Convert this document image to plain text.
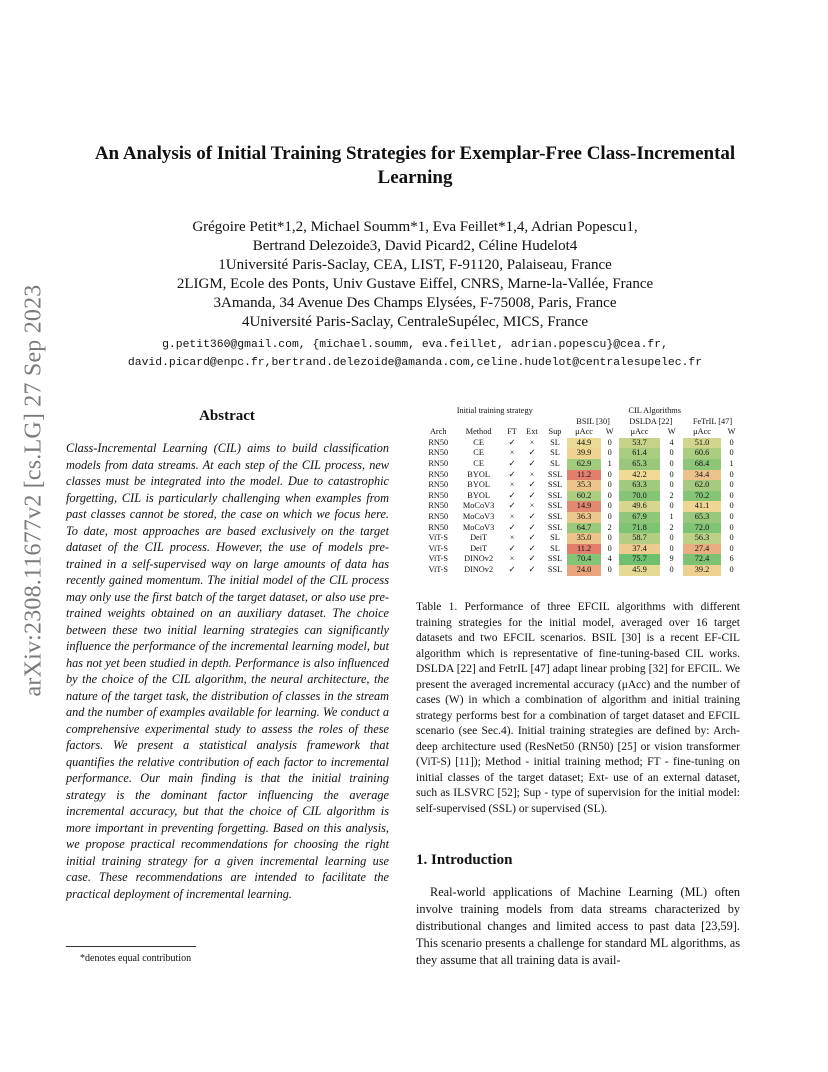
arXiv:2308.11677v2 [cs.LG] 27 Sep 2023
An Analysis of Initial Training Strategies for Exemplar-Free Class-Incremental Learning
Grégoire Petit*1,2, Michael Soumm*1, Eva Feillet*1,4, Adrian Popescu1,
Bertrand Delezoide3, David Picard2, Céline Hudelot4
1Université Paris-Saclay, CEA, LIST, F-91120, Palaiseau, France
2LIGM, Ecole des Ponts, Univ Gustave Eiffel, CNRS, Marne-la-Vallée, France
3Amanda, 34 Avenue Des Champs Elysées, F-75008, Paris, France
4Université Paris-Saclay, CentraleSupélec, MICS, France
g.petit360@gmail.com, {michael.soumm, eva.feillet, adrian.popescu}@cea.fr,
david.picard@enpc.fr,bertrand.delezoide@amanda.com,celine.hudelot@centralesupelec.fr
Abstract
Class-Incremental Learning (CIL) aims to build classification models from data streams. At each step of the CIL process, new classes must be integrated into the model. Due to catastrophic forgetting, CIL is particularly challenging when examples from past classes cannot be stored, the case on which we focus here. To date, most approaches are based exclusively on the target dataset of the CIL process. However, the use of models pre-trained in a self-supervised way on large amounts of data has recently gained momentum. The initial model of the CIL process may only use the first batch of the target dataset, or also use pre-trained weights obtained on an auxiliary dataset. The choice between these two initial learning strategies can significantly influence the performance of the incremental learning model, but has not yet been studied in depth. Performance is also influenced by the choice of the CIL algorithm, the neural architecture, the nature of the target task, the distribution of classes in the stream and the number of examples available for learning. We conduct a comprehensive experimental study to assess the roles of these factors. We present a statistical analysis framework that quantifies the relative contribution of each factor to incremental performance. Our main finding is that the initial training strategy is the dominant factor influencing the average incremental accuracy, but that the choice of CIL algorithm is more important in preventing forgetting. Based on this analysis, we propose practical recommendations for choosing the right initial training strategy for a given incremental learning use case. These recommendations are intended to facilitate the practical deployment of incremental learning.
*denotes equal contribution
Initial training strategy					CIL Algorithms					
					BSIL [30]		DSLDA [22]		FeTrIL [47]	
Arch	Method	FT	Ext	Sup	μAcc	W	μAcc	W	μAcc	W
RN50	CE	✓	×	SL	44.9	0	53.7	4	51.0	0
RN50	CE	×	✓	SL	39.9	0	61.4	0	60.6	0
RN50	CE	✓	✓	SL	62.9	1	65.3	0	68.4	1
RN50	BYOL	✓	×	SSL	11.2	0	42.2	0	34.4	0
RN50	BYOL	×	✓	SSL	35.3	0	63.3	0	62.0	0
RN50	BYOL	✓	✓	SSL	60.2	0	70.0	2	70.2	0
RN50	MoCoV3	✓	×	SSL	14.9	0	49.6	0	41.1	0
RN50	MoCoV3	×	✓	SSL	36.3	0	67.9	1	65.3	0
RN50	MoCoV3	✓	✓	SSL	64.7	2	71.8	2	72.0	0
ViT-S	DeiT	×	✓	SL	35.0	0	58.7	0	56.3	0
ViT-S	DeiT	✓	✓	SL	11.2	0	37.4	0	27.4	0
ViT-S	DINOv2	×	✓	SSL	70.4	4	75.7	9	72.4	6
ViT-S	DINOv2	✓	✓	SSL	24.0	0	45.9	0	39.2	0
Table 1. Performance of three EFCIL algorithms with different training strategies for the initial model, averaged over 16 target datasets and two EFCIL scenarios. BSIL [30] is a recent EF-CIL algorithm which is representative of fine-tuning-based CIL works. DSLDA [22] and FetrIL [47] adapt linear probing [32] for EFCIL. We present the averaged incremental accuracy (μAcc) and the number of cases (W) in which a combination of algorithm and initial training strategy performs best for a combination of target dataset and EFCIL scenario (see Sec.4). Initial training strategies are defined by: Arch- deep architecture used (ResNet50 (RN50) [25] or vision transformer (ViT-S) [11]); Method - initial training method; FT - fine-tuning on initial classes of the target dataset; Ext- use of an external dataset, such as ILSVRC [52]; Sup - type of supervision for the initial model: self-supervised (SSL) or supervised (SL).
1. Introduction
Real-world applications of Machine Learning (ML) often involve training models from data streams characterized by distributional changes and limited access to past data [23,59]. This scenario presents a challenge for standard ML algorithms, as they assume that all training data is avail-
